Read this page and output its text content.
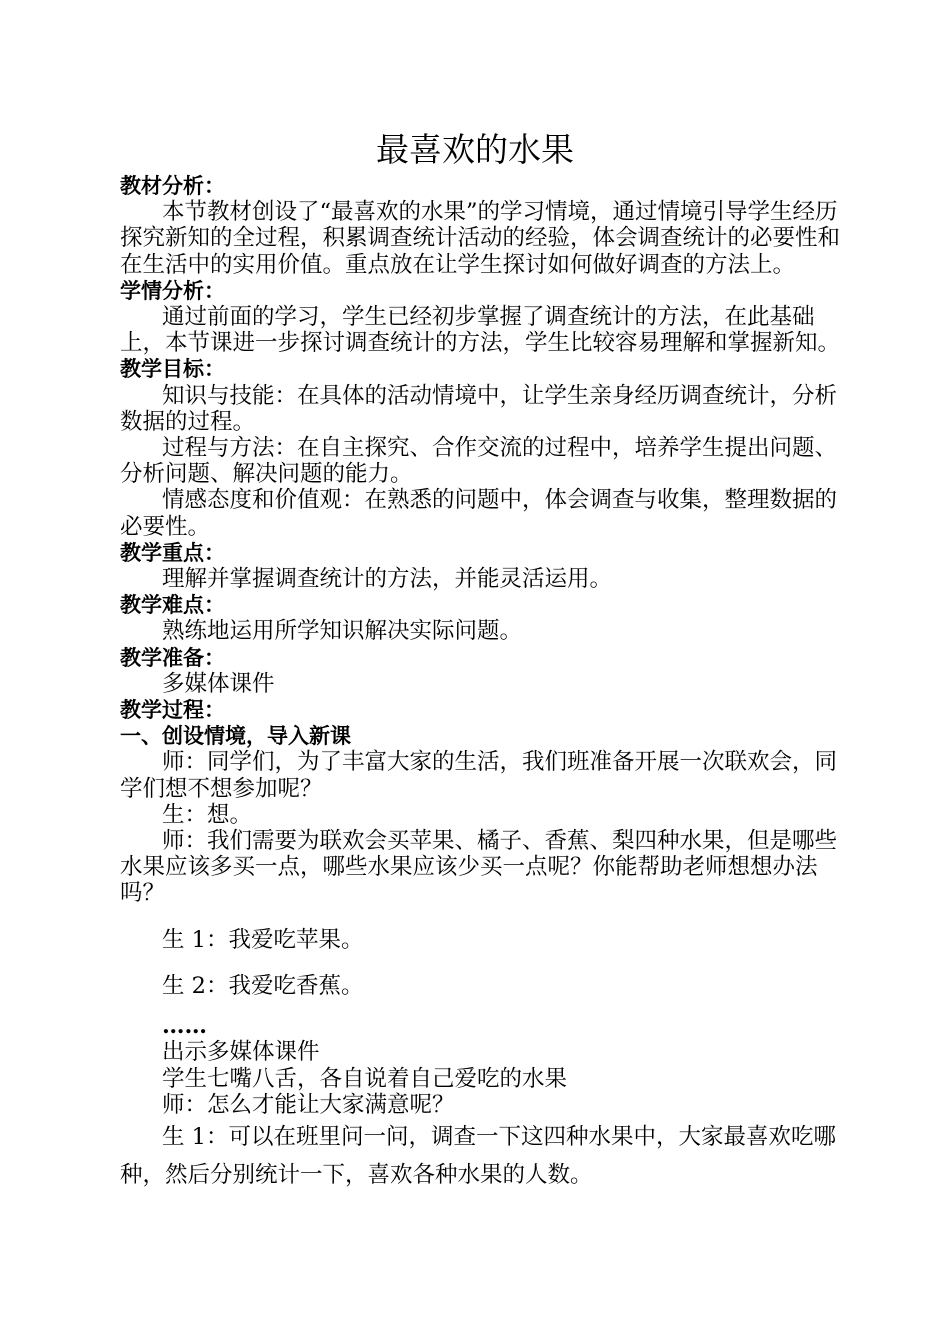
最喜欢的水果

教材分析：

本节教材创设了“最喜欢的水果”的学习情境，通过情境引导学生经历探究新知的全过程，积累调查统计活动的经验，体会调查统计的必要性和在生活中的实用价值。重点放在让学生探讨如何做好调查的方法上。

学情分析：

通过前面的学习，学生已经初步掌握了调查统计的方法，在此基础上，本节课进一步探讨调查统计的方法，学生比较容易理解和掌握新知。

教学目标：

知识与技能：在具体的活动情境中，让学生亲身经历调查统计，分析数据的过程。

过程与方法：在自主探究、合作交流的过程中，培养学生提出问题、分析问题、解决问题的能力。

情感态度和价值观：在熟悉的问题中，体会调查与收集，整理数据的必要性。

教学重点：

理解并掌握调查统计的方法，并能灵活运用。

教学难点：

熟练地运用所学知识解决实际问题。

教学准备：

多媒体课件

教学过程：

一、创设情境，导入新课

师：同学们，为了丰富大家的生活，我们班准备开展一次联欢会，同学们想不想参加呢？

生：想。

师：我们需要为联欢会买苹果、橘子、香蕉、梨四种水果，但是哪些水果应该多买一点，哪些水果应该少买一点呢？你能帮助老师想想办法吗？

生 1：我爱吃苹果。

生 2：我爱吃香蕉。

……

出示多媒体课件

学生七嘴八舌，各自说着自己爱吃的水果

师：怎么才能让大家满意呢？

生 1：可以在班里问一问，调查一下这四种水果中，大家最喜欢吃哪种，然后分别统计一下，喜欢各种水果的人数。
